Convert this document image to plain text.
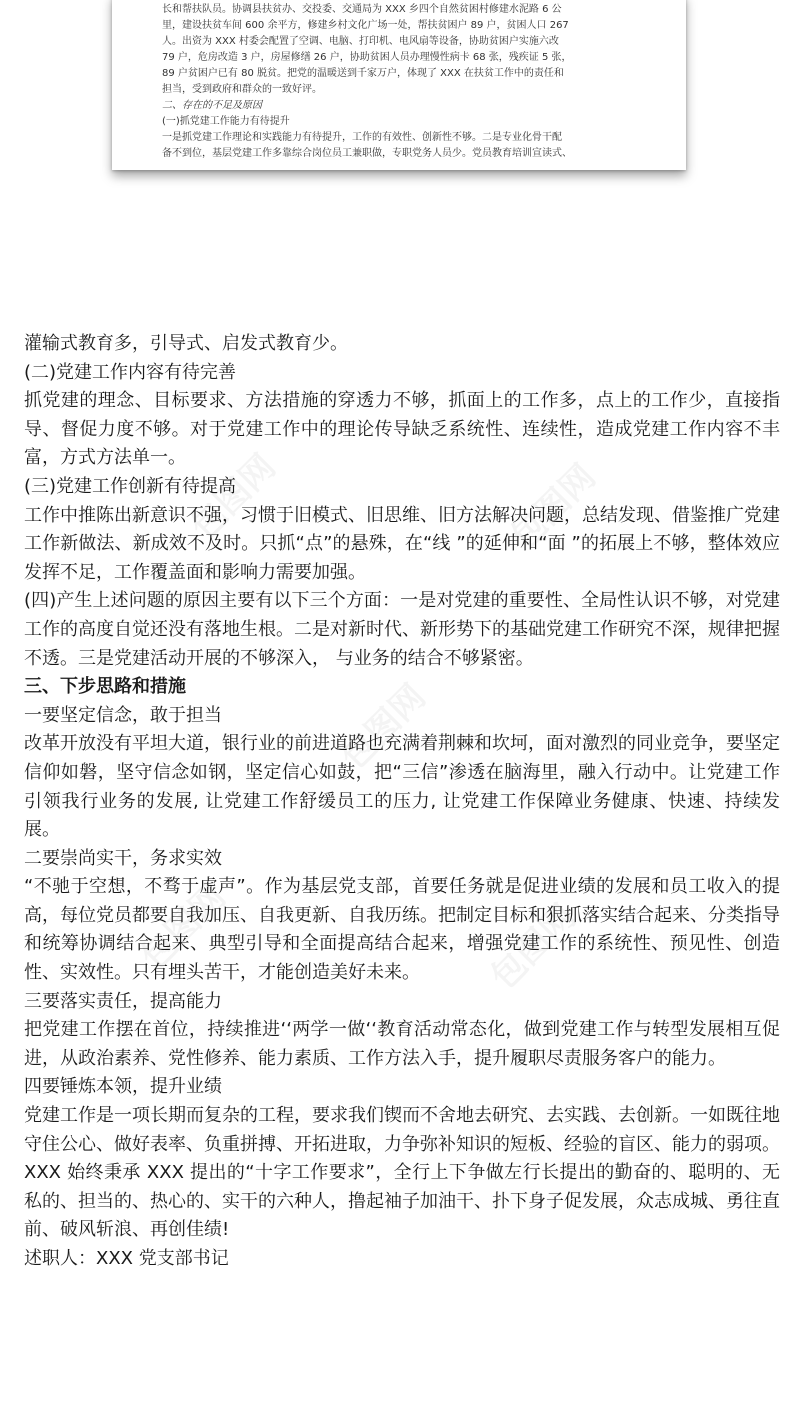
长和帮扶队员。协调县扶贫办、交投委、交通局为 XXX 乡四个自然贫困村修建水泥路 6 公

里，建设扶贫车间 600 余平方，修建乡村文化广场一处，帮扶贫困户 89 户，贫困人口 267

人。出资为 XXX 村委会配置了空调、电脑、打印机、电风扇等设备，协助贫困户实施六改

79 户，危房改造 3 户，房屋修缮 26 户，协助贫困人员办理慢性病卡 68 张，残疾证 5 张，

89 户贫困户已有 80 脱贫。把党的温暖送到千家万户，体现了 XXX 在扶贫工作中的责任和

担当，受到政府和群众的一致好评。

二、存在的不足及原因

(一)抓党建工作能力有待提升

一是抓党建工作理论和实践能力有待提升，工作的有效性、创新性不够。二是专业化骨干配

备不到位，基层党建工作多靠综合岗位员工兼职做，专职党务人员少。党员教育培训宣读式、

包图网	包图网
包图网
包图网	包图网

灌输式教育多，引导式、启发式教育少。

(二)党建工作内容有待完善

抓党建的理念、目标要求、方法措施的穿透力不够，抓面上的工作多，点上的工作少，直接指导、督促力度不够。对于党建工作中的理论传导缺乏系统性、连续性，造成党建工作内容不丰富，方式方法单一。

(三)党建工作创新有待提高

工作中推陈出新意识不强，习惯于旧模式、旧思维、旧方法解决问题，总结发现、借鉴推广党建工作新做法、新成效不及时。只抓“点”的悬殊，在“线 ”的延伸和“面 ”的拓展上不够，整体效应发挥不足，工作覆盖面和影响力需要加强。

(四)产生上述问题的原因主要有以下三个方面：一是对党建的重要性、全局性认识不够，对党建工作的高度自觉还没有落地生根。二是对新时代、新形势下的基础党建工作研究不深，规律把握不透。三是党建活动开展的不够深入， 与业务的结合不够紧密。

三、下步思路和措施

一要坚定信念，敢于担当

改革开放没有平坦大道，银行业的前进道路也充满着荆棘和坎坷，面对激烈的同业竞争，要坚定信仰如磐，坚守信念如钢，坚定信心如鼓，把“三信”渗透在脑海里，融入行动中。让党建工作引领我行业务的发展, 让党建工作舒缓员工的压力, 让党建工作保障业务健康、快速、持续发展。

二要崇尚实干，务求实效

“不驰于空想，不骛于虚声”。作为基层党支部，首要任务就是促进业绩的发展和员工收入的提高，每位党员都要自我加压、自我更新、自我历练。把制定目标和狠抓落实结合起来、分类指导和统筹协调结合起来、典型引导和全面提高结合起来，增强党建工作的系统性、预见性、创造性、实效性。只有埋头苦干，才能创造美好未来。

三要落实责任，提高能力

把党建工作摆在首位，持续推进‘‘两学一做‘‘教育活动常态化，做到党建工作与转型发展相互促进，从政治素养、党性修养、能力素质、工作方法入手，提升履职尽责服务客户的能力。

四要锤炼本领，提升业绩

党建工作是一项长期而复杂的工程，要求我们锲而不舍地去研究、去实践、去创新。一如既往地守住公心、做好表率、负重拼搏、开拓进取，力争弥补知识的短板、经验的盲区、能力的弱项。XXX 始终秉承 XXX 提出的“十字工作要求”，全行上下争做左行长提出的勤奋的、聪明的、无私的、担当的、热心的、实干的六种人，撸起袖子加油干、扑下身子促发展，众志成城、勇往直前、破风斩浪、再创佳绩!

述职人：XXX 党支部书记
